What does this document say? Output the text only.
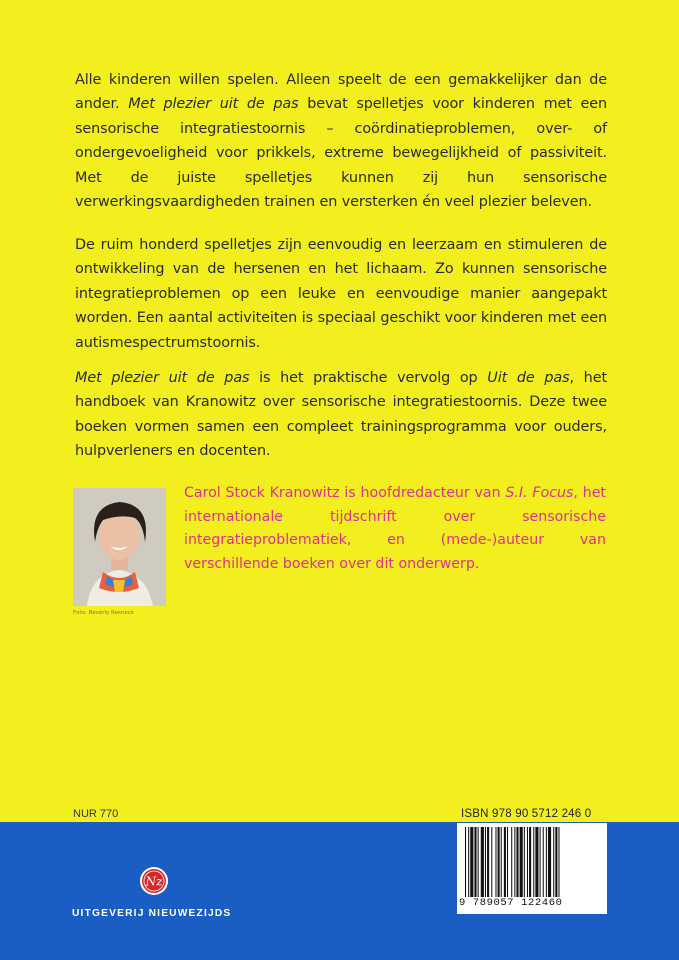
Alle kinderen willen spelen. Alleen speelt de een gemakkelijker dan de ander. Met plezier uit de pas bevat spelletjes voor kinderen met een sensorische integratiestoornis – coördinatieproblemen, over- of ondergevoeligheid voor prikkels, extreme bewegelijkheid of passiviteit. Met de juiste spelletjes kunnen zij hun sensorische verwerkingsvaardigheden trainen en versterken én veel plezier beleven.
De ruim honderd spelletjes zijn eenvoudig en leerzaam en stimuleren de ontwikkeling van de hersenen en het lichaam. Zo kunnen sensorische integratieproblemen op een leuke en eenvoudige manier aangepakt worden. Een aantal activiteiten is speciaal geschikt voor kinderen met een autismespectrumstoornis.
Met plezier uit de pas is het praktische vervolg op Uit de pas, het handboek van Kranowitz over sensorische integratiestoornis. Deze twee boeken vormen samen een compleet trainingsprogramma voor ouders, hulpverleners en docenten.
Foto: Beverly Resneck
Carol Stock Kranowitz is hoofdredacteur van S.I. Focus, het internationale tijdschrift over sensorische integratieproblematiek, en (mede-)auteur van verschillende boeken over dit onderwerp.
NUR 770	ISBN 978 90 5712 246 0
9 789057 122460
Nz
UITGEVERIJ NIEUWEZIJDS
